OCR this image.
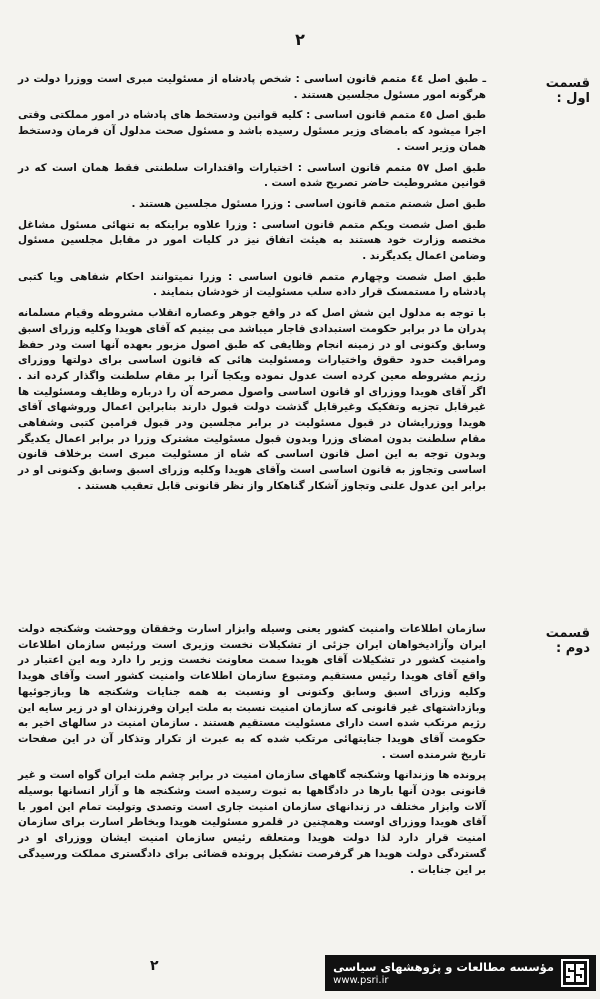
۲
قسمت اول :

ـ طبق اصل ٤٤ متمم قانون اساسی : شخص پادشاه از مسئولیت مبری است ووزرا دولت در هرگونه امور مسئول مجلسین هستند .

طبق اصل ٤٥ متمم قانون اساسی : کلیه قوانین ودستخط های پادشاه در امور مملکتی وقتی اجرا میشود که بامضای وزیر مسئول رسیده باشد و مسئول صحت مدلول آن فرمان ودستخط همان وزیر است .

طبق اصل ٥٧ متمم قانون اساسی : اختیارات واقتدارات سلطنتی فقط همان است که در قوانین مشروطیت حاضر تصریح شده است .

طبق اصل شصتم متمم قانون اساسی : وزرا مسئول مجلسین هستند .

طبق اصل شصت ویکم متمم قانون اساسی : وزرا علاوه براینکه به تنهائی مسئول مشاغل مختصه وزارت خود هستند به هیئت اتفاق نیز در کلیات امور در مقابل مجلسین مسئول وضامن اعمال یکدیگرند .

طبق اصل شصت وچهارم متمم قانون اساسی : وزرا نمیتوانند احکام شفاهی ویا کتبی پادشاه را مستمسک قرار داده سلب مسئولیت از خودشان بنمایند .

با توجه به مدلول این شش اصل که در واقع جوهر وعصاره انقلاب مشروطه وقیام مسلمانه پدران ما در برابر حکومت استبدادی قاجار میباشد می بینیم که آقای هویدا وکلیه وزرای اسبق وسابق وکنونی او در زمینه انجام وظایفی که طبق اصول مزبور بعهده آنها است ودر حفظ ومراقبت حدود حقوق واختیارات ومسئولیت هائی که قانون اساسی برای دولتها ووزرای رژیم مشروطه معین کرده است عدول نموده ویکجا آنرا بر مقام سلطنت واگذار کرده اند . اگر آقای هویدا ووزرای او قانون اساسی واصول مصرحه آن را درباره وظایف ومسئولیت ها غیرقابل تجزیه وتفکیک وغیرقابل گذشت دولت قبول دارند بنابراین اعمال وروشهای آقای هویدا ووزرایشان در قبول مسئولیت در برابر مجلسین ودر قبول فرامین کتبی وشفاهی مقام سلطنت بدون امضای وزرا وبدون قبول مسئولیت مشترک وزرا در برابر اعمال یکدیگر وبدون توجه به این اصل قانون اساسی که شاه از مسئولیت مبری است برخلاف قانون اساسی وتجاوز به قانون اساسی است وآقای هویدا وکلیه وزرای اسبق وسابق وکنونی او در برابر این عدول علنی وتجاوز آشکار گناهکار واز نظر قانونی قابل تعقیب هستند .

قسمت دوم :

سازمان اطلاعات وامنیت کشور یعنی وسیله وابزار اسارت وخفقان ووحشت وشکنجه دولت ایران وآزادیخواهان ایران جزئی از تشکیلات نخست وزیری است ورئیس سازمان اطلاعات وامنیت کشور در تشکیلات آقای هویدا سمت معاونت نخست وزیر را دارد وبه این اعتبار در واقع آقای هویدا رئیس مستقیم ومتبوع سازمان اطلاعات وامنیت کشور است وآقای هویدا وکلیه وزرای اسبق وسابق وکنونی او ونسبت به همه جنایات وشکنجه ها وبازجوئیها وبازداشتهای غیر قانونی که سازمان امنیت نسبت به ملت ایران وفرزندان او در زیر سایه این رژیم مرتکب شده است دارای مسئولیت مستقیم هستند . سازمان امنیت در سالهای اخیر به حکومت آقای هویدا جنایتهائی مرتکب شده که به عبرت از تکرار وتذکار آن در این صفحات تاریخ شرمنده است .

پرونده ها وزندانها وشکنجه گاههای سازمان امنیت در برابر چشم ملت ایران گواه است و غیر قانونی بودن آنها بارها در دادگاهها به ثبوت رسیده است وشکنجه ها و آزار انسانها بوسیله آلات وابزار مختلف در زندانهای سازمان امنیت جاری است وتصدی وتولیت تمام این امور با آقای هویدا ووزرای اوست وهمچنین در قلمرو مسئولیت هویدا وبخاطر اسارت برای سازمان امنیت قرار دارد لذا دولت هویدا ومتعلقه رئیس سازمان امنیت ایشان ووزرای او در گستردگی دولت هویدا هر گرفرصت تشکیل پرونده قضائی برای دادگستری مملکت ورسیدگی بر این جنایات .

۲	مؤسسه مطالعات و پژوهشهای سیاسی
www.psri.ir
